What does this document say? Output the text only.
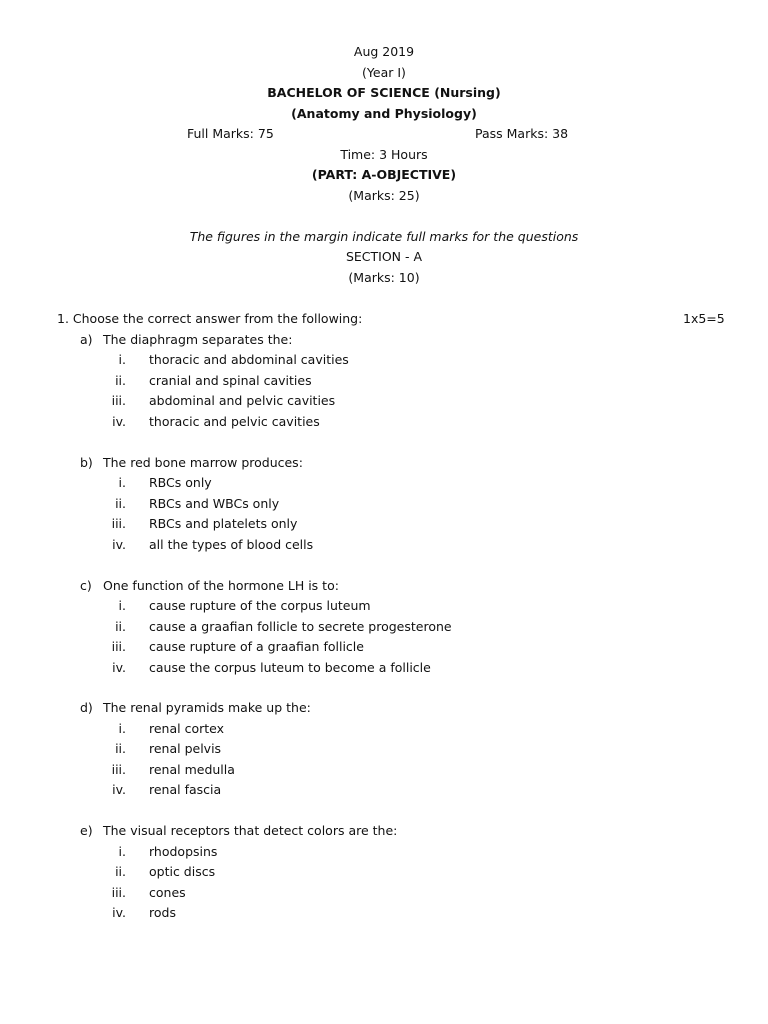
Aug 2019
(Year I)
BACHELOR OF SCIENCE (Nursing)
(Anatomy and Physiology)
Full Marks: 75	Pass Marks: 38
Time: 3 Hours
(PART: A-OBJECTIVE)
(Marks: 25)
The figures in the margin indicate full marks for the questions
SECTION - A
(Marks: 10)
1. Choose the correct answer from the following:	1x5=5
a) The diaphragm separates the:
i. thoracic and abdominal cavities
ii. cranial and spinal cavities
iii. abdominal and pelvic cavities
iv. thoracic and pelvic cavities
b) The red bone marrow produces:
i. RBCs only
ii. RBCs and WBCs only
iii. RBCs and platelets only
iv. all the types of blood cells
c) One function of the hormone LH is to:
i. cause rupture of the corpus luteum
ii. cause a graafian follicle to secrete progesterone
iii. cause rupture of a graafian follicle
iv. cause the corpus luteum to become a follicle
d) The renal pyramids make up the:
i. renal cortex
ii. renal pelvis
iii. renal medulla
iv. renal fascia
e) The visual receptors that detect colors are the:
i. rhodopsins
ii. optic discs
iii. cones
iv. rods
